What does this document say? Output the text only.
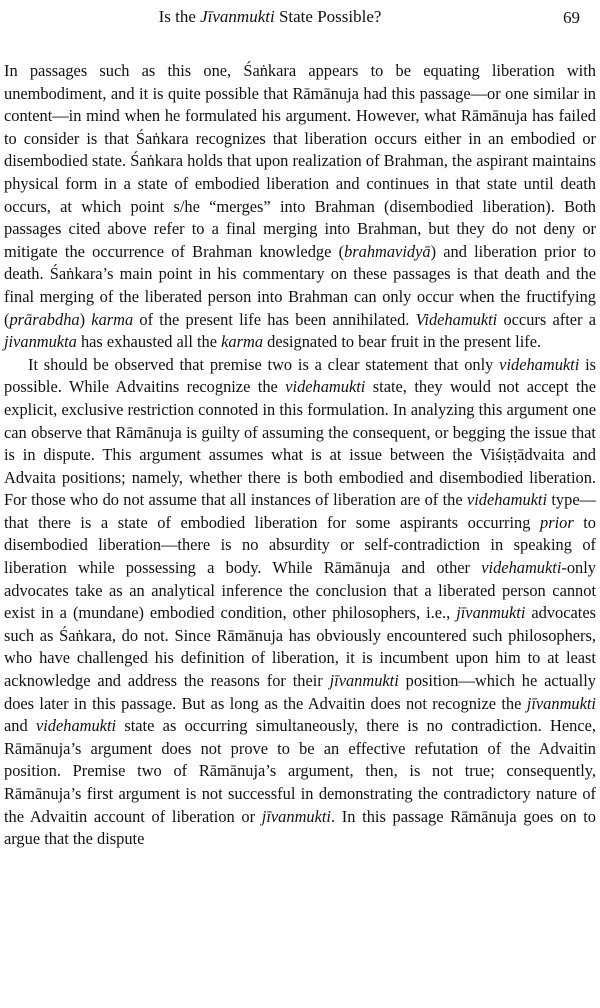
Is the Jīvanmukti State Possible?	69

In passages such as this one, Śaṅkara appears to be equating liberation with unembodiment, and it is quite possible that Rāmānuja had this passage—or one similar in content—in mind when he formulated his argument. However, what Rāmānuja has failed to consider is that Śaṅkara recognizes that liberation occurs either in an embodied or disembodied state. Śaṅkara holds that upon realization of Brahman, the aspirant maintains physical form in a state of embodied liberation and continues in that state until death occurs, at which point s/he “merges” into Brahman (disembodied liberation). Both passages cited above refer to a final merging into Brahman, but they do not deny or mitigate the occurrence of Brahman knowledge (brahmavidyā) and liberation prior to death. Śaṅkara’s main point in his commentary on these passages is that death and the final merging of the liberated person into Brahman can only occur when the fructifying (prārabdha) karma of the present life has been annihilated. Videhamukti occurs after a jivanmukta has exhausted all the karma designated to bear fruit in the present life.

It should be observed that premise two is a clear statement that only videhamukti is possible. While Advaitins recognize the videhamukti state, they would not accept the explicit, exclusive restriction connoted in this formulation. In analyzing this argument one can observe that Rāmānuja is guilty of assuming the consequent, or begging the issue that is in dispute. This argument assumes what is at issue between the Viśiṣṭādvaita and Advaita positions; namely, whether there is both embodied and disembodied liberation. For those who do not assume that all instances of liberation are of the videhamukti type—that there is a state of embodied liberation for some aspirants occurring prior to disembodied liberation—there is no absurdity or self-contradiction in speaking of liberation while possessing a body. While Rāmānuja and other videhamukti-only advocates take as an analytical inference the conclusion that a liberated person cannot exist in a (mundane) embodied condition, other philosophers, i.e., jīvanmukti advocates such as Śaṅkara, do not. Since Rāmānuja has obviously encountered such philosophers, who have challenged his definition of liberation, it is incumbent upon him to at least acknowledge and address the reasons for their jīvanmukti position—which he actually does later in this passage. But as long as the Advaitin does not recognize the jīvanmukti and videhamukti state as occurring simultaneously, there is no contradiction. Hence, Rāmānuja’s argument does not prove to be an effective refutation of the Advaitin position. Premise two of Rāmānuja’s argument, then, is not true; consequently, Rāmānuja’s first argument is not successful in demonstrating the contradictory nature of the Advaitin account of liberation or jīvanmukti. In this passage Rāmānuja goes on to argue that the dispute
